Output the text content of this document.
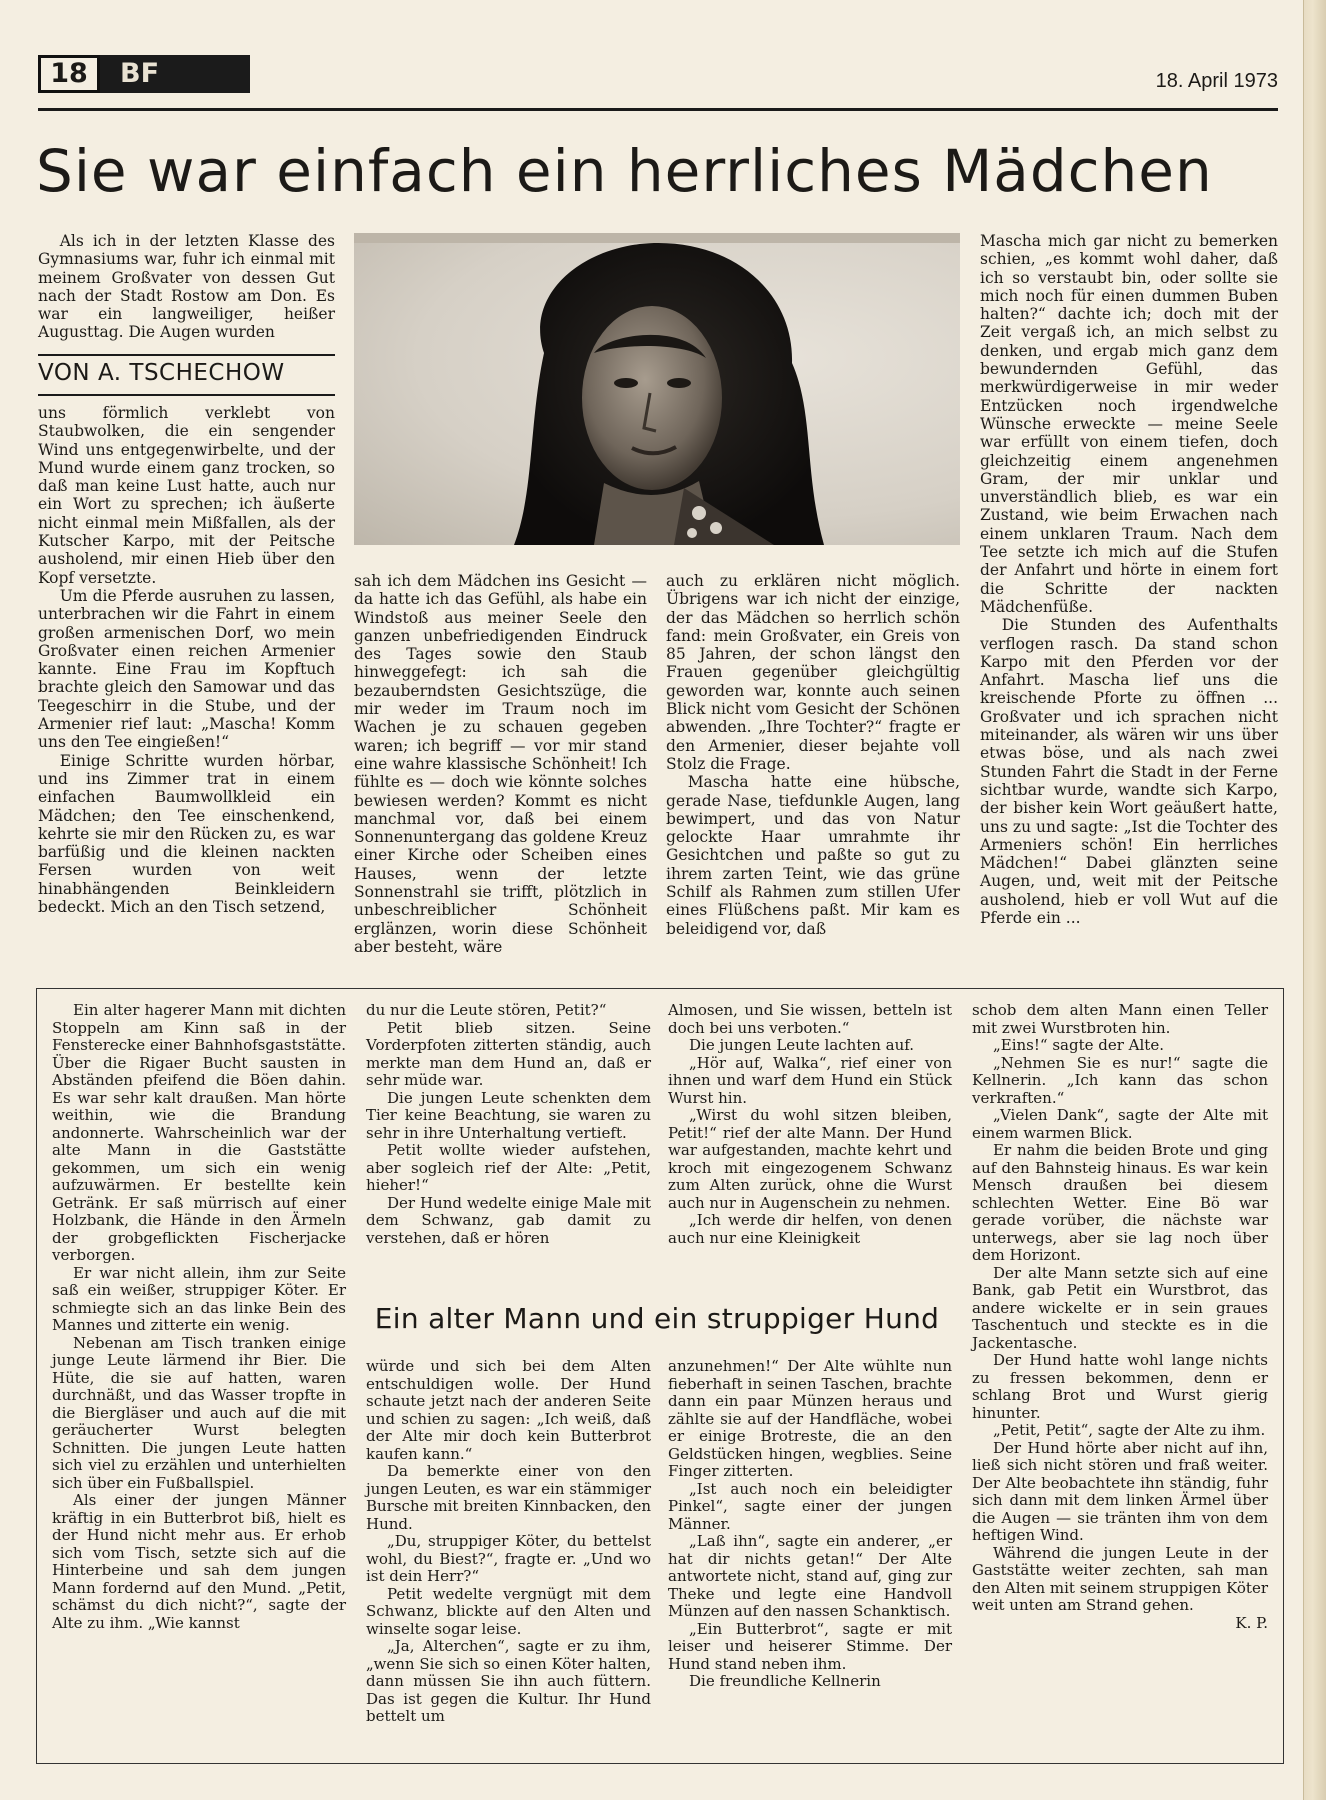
18	BF	18. April 1973
Sie war einfach ein herrliches Mädchen

Als ich in der letzten Klasse des Gymnasiums war, fuhr ich einmal mit meinem Großvater von dessen Gut nach der Stadt Rostow am Don. Es war ein langweiliger, heißer Augusttag. Die Augen wurden

VON A. TSCHECHOW

uns förmlich verklebt von Staubwolken, die ein sengender Wind uns entgegenwirbelte, und der Mund wurde einem ganz trocken, so daß man keine Lust hatte, auch nur ein Wort zu sprechen; ich äußerte nicht einmal mein Mißfallen, als der Kutscher Karpo, mit der Peitsche ausholend, mir einen Hieb über den Kopf versetzte.

Um die Pferde ausruhen zu lassen, unterbrachen wir die Fahrt in einem großen armenischen Dorf, wo mein Großvater einen reichen Armenier kannte. Eine Frau im Kopftuch brachte gleich den Samowar und das Teegeschirr in die Stube, und der Armenier rief laut: „Mascha! Komm uns den Tee eingießen!“

Einige Schritte wurden hörbar, und ins Zimmer trat in einem einfachen Baumwollkleid ein Mädchen; den Tee einschenkend, kehrte sie mir den Rücken zu, es war barfüßig und die kleinen nackten Fersen wurden von weit hinabhängenden Beinkleidern bedeckt. Mich an den Tisch setzend,

sah ich dem Mädchen ins Gesicht — da hatte ich das Gefühl, als habe ein Windstoß aus meiner Seele den ganzen unbefriedigenden Eindruck des Tages sowie den Staub hinweggefegt: ich sah die bezauberndsten Gesichtszüge, die mir weder im Traum noch im Wachen je zu schauen gegeben waren; ich begriff — vor mir stand eine wahre klassische Schönheit! Ich fühlte es — doch wie könnte solches bewiesen werden? Kommt es nicht manchmal vor, daß bei einem Sonnenuntergang das goldene Kreuz einer Kirche oder Scheiben eines Hauses, wenn der letzte Sonnenstrahl sie trifft, plötzlich in unbeschreiblicher Schönheit erglänzen, worin diese Schönheit aber besteht, wäre

auch zu erklären nicht möglich. Übrigens war ich nicht der einzige, der das Mädchen so herrlich schön fand: mein Großvater, ein Greis von 85 Jahren, der schon längst den Frauen gegenüber gleichgültig geworden war, konnte auch seinen Blick nicht vom Gesicht der Schönen abwenden. „Ihre Tochter?“ fragte er den Armenier, dieser bejahte voll Stolz die Frage.

Mascha hatte eine hübsche, gerade Nase, tiefdunkle Augen, lang bewimpert, und das von Natur gelockte Haar umrahmte ihr Gesichtchen und paßte so gut zu ihrem zarten Teint, wie das grüne Schilf als Rahmen zum stillen Ufer eines Flüßchens paßt. Mir kam es beleidigend vor, daß

Mascha mich gar nicht zu bemerken schien, „es kommt wohl daher, daß ich so verstaubt bin, oder sollte sie mich noch für einen dummen Buben halten?“ dachte ich; doch mit der Zeit vergaß ich, an mich selbst zu denken, und ergab mich ganz dem bewundernden Gefühl, das merkwürdigerweise in mir weder Entzücken noch irgendwelche Wünsche erweckte — meine Seele war erfüllt von einem tiefen, doch gleichzeitig einem angenehmen Gram, der mir unklar und unverständlich blieb, es war ein Zustand, wie beim Erwachen nach einem unklaren Traum. Nach dem Tee setzte ich mich auf die Stufen der Anfahrt und hörte in einem fort die Schritte der nackten Mädchenfüße.

Die Stunden des Aufenthalts verflogen rasch. Da stand schon Karpo mit den Pferden vor der Anfahrt. Mascha lief uns die kreischende Pforte zu öffnen ... Großvater und ich sprachen nicht miteinander, als wären wir uns über etwas böse, und als nach zwei Stunden Fahrt die Stadt in der Ferne sichtbar wurde, wandte sich Karpo, der bisher kein Wort geäußert hatte, uns zu und sagte: „Ist die Tochter des Armeniers schön! Ein herrliches Mädchen!“ Dabei glänzten seine Augen, und, weit mit der Peitsche ausholend, hieb er voll Wut auf die Pferde ein ...

Ein alter hagerer Mann mit dichten Stoppeln am Kinn saß in der Fensterecke einer Bahnhofsgaststätte. Über die Rigaer Bucht sausten in Abständen pfeifend die Böen dahin. Es war sehr kalt draußen. Man hörte weithin, wie die Brandung andonnerte. Wahrscheinlich war der alte Mann in die Gaststätte gekommen, um sich ein wenig aufzuwärmen. Er bestellte kein Getränk. Er saß mürrisch auf einer Holzbank, die Hände in den Ärmeln der grobgeflickten Fischerjacke verborgen.

Er war nicht allein, ihm zur Seite saß ein weißer, struppiger Köter. Er schmiegte sich an das linke Bein des Mannes und zitterte ein wenig.

Nebenan am Tisch tranken einige junge Leute lärmend ihr Bier. Die Hüte, die sie auf hatten, waren durchnäßt, und das Wasser tropfte in die Biergläser und auch auf die mit geräucherter Wurst belegten Schnitten. Die jungen Leute hatten sich viel zu erzählen und unterhielten sich über ein Fußballspiel.

Als einer der jungen Männer kräftig in ein Butterbrot biß, hielt es der Hund nicht mehr aus. Er erhob sich vom Tisch, setzte sich auf die Hinterbeine und sah dem jungen Mann fordernd auf den Mund. „Petit, schämst du dich nicht?“, sagte der Alte zu ihm. „Wie kannst

du nur die Leute stören, Petit?“

Petit blieb sitzen. Seine Vorderpfoten zitterten ständig, auch merkte man dem Hund an, daß er sehr müde war.

Die jungen Leute schenkten dem Tier keine Beachtung, sie waren zu sehr in ihre Unterhaltung vertieft.

Petit wollte wieder aufstehen, aber sogleich rief der Alte: „Petit, hieher!“

Der Hund wedelte einige Male mit dem Schwanz, gab damit zu verstehen, daß er hören

Almosen, und Sie wissen, betteln ist doch bei uns verboten.“

Die jungen Leute lachten auf.

„Hör auf, Walka“, rief einer von ihnen und warf dem Hund ein Stück Wurst hin.

„Wirst du wohl sitzen bleiben, Petit!“ rief der alte Mann. Der Hund war aufgestanden, machte kehrt und kroch mit eingezogenem Schwanz zum Alten zurück, ohne die Wurst auch nur in Augenschein zu nehmen.

„Ich werde dir helfen, von denen auch nur eine Kleinigkeit

Ein alter Mann und ein struppiger Hund

würde und sich bei dem Alten entschuldigen wolle. Der Hund schaute jetzt nach der anderen Seite und schien zu sagen: „Ich weiß, daß der Alte mir doch kein Butterbrot kaufen kann.“

Da bemerkte einer von den jungen Leuten, es war ein stämmiger Bursche mit breiten Kinnbacken, den Hund.

„Du, struppiger Köter, du bettelst wohl, du Biest?“, fragte er. „Und wo ist dein Herr?“

Petit wedelte vergnügt mit dem Schwanz, blickte auf den Alten und winselte sogar leise.

„Ja, Alterchen“, sagte er zu ihm, „wenn Sie sich so einen Köter halten, dann müssen Sie ihn auch füttern. Das ist gegen die Kultur. Ihr Hund bettelt um

anzunehmen!“ Der Alte wühlte nun fieberhaft in seinen Taschen, brachte dann ein paar Münzen heraus und zählte sie auf der Handfläche, wobei er einige Brotreste, die an den Geldstücken hingen, wegblies. Seine Finger zitterten.

„Ist auch noch ein beleidigter Pinkel“, sagte einer der jungen Männer.

„Laß ihn“, sagte ein anderer, „er hat dir nichts getan!“ Der Alte antwortete nicht, stand auf, ging zur Theke und legte eine Handvoll Münzen auf den nassen Schanktisch.

„Ein Butterbrot“, sagte er mit leiser und heiserer Stimme. Der Hund stand neben ihm.

Die freundliche Kellnerin

schob dem alten Mann einen Teller mit zwei Wurstbroten hin.

„Eins!“ sagte der Alte.

„Nehmen Sie es nur!“ sagte die Kellnerin. „Ich kann das schon verkraften.“

„Vielen Dank“, sagte der Alte mit einem warmen Blick.

Er nahm die beiden Brote und ging auf den Bahnsteig hinaus. Es war kein Mensch draußen bei diesem schlechten Wetter. Eine Bö war gerade vorüber, die nächste war unterwegs, aber sie lag noch über dem Horizont.

Der alte Mann setzte sich auf eine Bank, gab Petit ein Wurstbrot, das andere wickelte er in sein graues Taschentuch und steckte es in die Jackentasche.

Der Hund hatte wohl lange nichts zu fressen bekommen, denn er schlang Brot und Wurst gierig hinunter.

„Petit, Petit“, sagte der Alte zu ihm.

Der Hund hörte aber nicht auf ihn, ließ sich nicht stören und fraß weiter. Der Alte beobachtete ihn ständig, fuhr sich dann mit dem linken Ärmel über die Augen — sie tränten ihm von dem heftigen Wind.

Während die jungen Leute in der Gaststätte weiter zechten, sah man den Alten mit seinem struppigen Köter weit unten am Strand gehen.

K. P.
